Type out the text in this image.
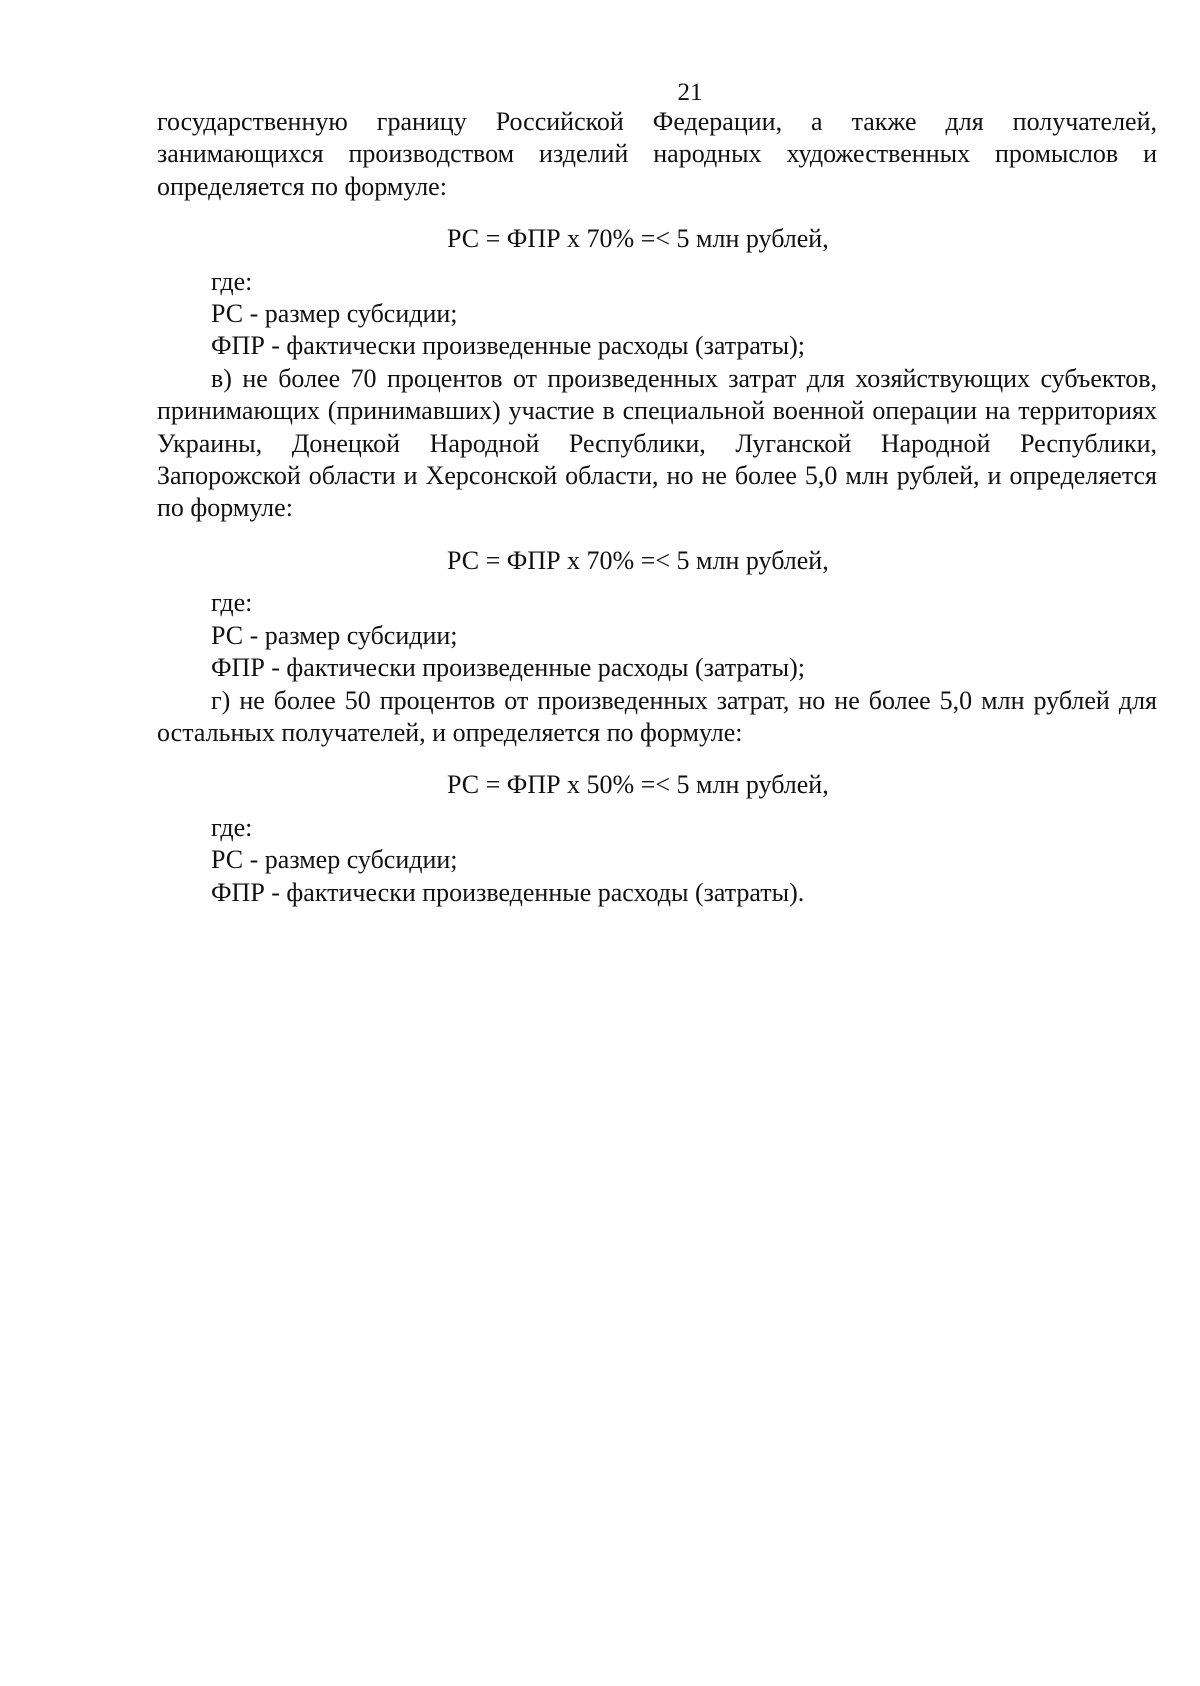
21

государственную границу Российской Федерации, а также для получателей, занимающихся производством изделий народных художественных промыслов и определяется по формуле:

РС = ФПР x 70% =< 5 млн рублей,

где:

РС - размер субсидии;

ФПР - фактически произведенные расходы (затраты);

в) не более 70 процентов от произведенных затрат для хозяйствующих субъектов, принимающих (принимавших) участие в специальной военной операции на территориях Украины, Донецкой Народной Республики, Луганской Народной Республики, Запорожской области и Херсонской области, но не более 5,0 млн рублей, и определяется по формуле:

РС = ФПР x 70% =< 5 млн рублей,

где:

РС - размер субсидии;

ФПР - фактически произведенные расходы (затраты);

г) не более 50 процентов от произведенных затрат, но не более 5,0 млн рублей для остальных получателей, и определяется по формуле:

РС = ФПР x 50% =< 5 млн рублей,

где:

РС - размер субсидии;

ФПР - фактически произведенные расходы (затраты).
